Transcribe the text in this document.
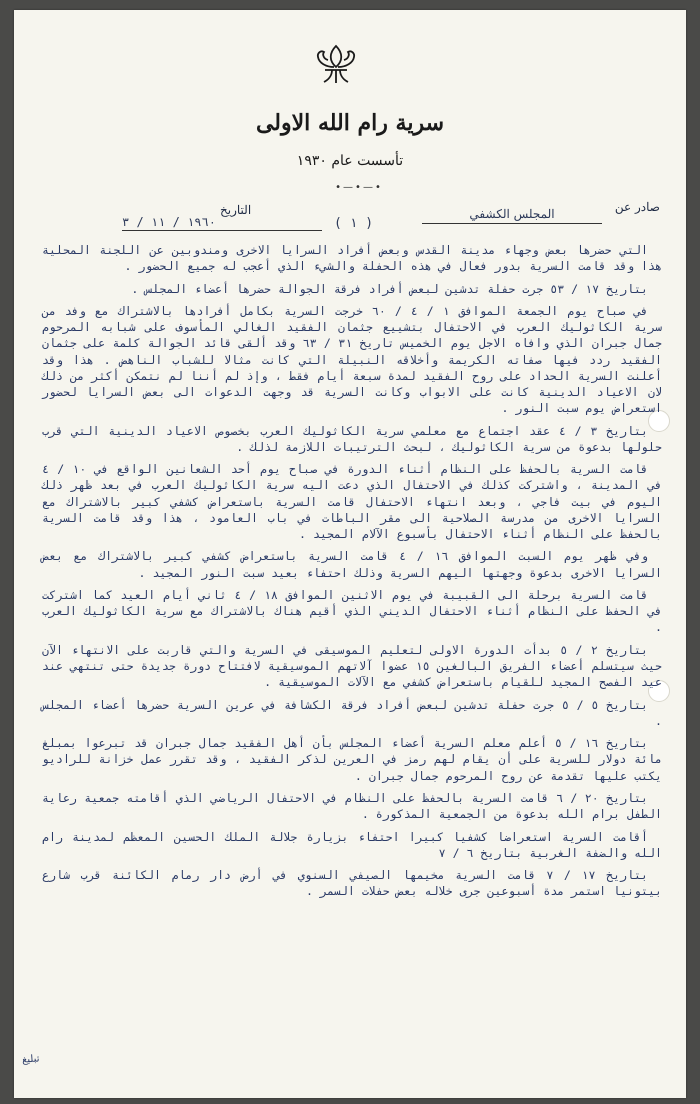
سرية رام الله الاولى
تأسست عام ١٩٣٠
•—•—•
صادر عن
المجلس الكشفي
( ١ )
التاريخ
١٩٦٠ / ١١ / ٣

التي حضرها بعض وجهاء مدينة القدس وبعض أفراد السرايا الاخرى ومندوبين عن اللجنة المحلية هذا وقد قامت السرية بدور فعال في هذه الحفلة والشيء الذي أعجب له جميع الحضور .

بتاريخ ١٧ / ٥٣ جرت حفلة تدشين لبعض أفراد فرقة الجوالة حضرها أعضاء المجلس .

في صباح يوم الجمعة الموافق ١ / ٤ / ٦٠ خرجت السرية بكامل أفرادها بالاشتراك مع وفد من سرية الكاثوليك العرب في الاحتفال بتشييع جثمان الفقيد الغالي المأسوف على شبابه المرحوم جمال جبران الذي وافاه الاجل يوم الخميس تاريخ ٣١ / ٦٣ وقد ألقى قائد الجوالة كلمة على جثمان الفقيد ردد فيها صفاته الكريمة وأخلاقه النبيلة التي كانت مثالا للشباب الناهض . هذا وقد أعلنت السرية الحداد على روح الفقيد لمدة سبعة أيام فقط ، وإذ لم أننا لم نتمكن أكثر من ذلك لان الاعياد الدينية كانت على الابواب وكانت السرية قد وجهت الدعوات الى بعض السرايا لحضور استعراض يوم سبت النور .

بتاريخ ٣ / ٤ عقد اجتماع مع معلمي سرية الكاثوليك العرب بخصوص الاعياد الدينية التي قرب حلولها بدعوة من سرية الكاثوليك ، لبحث الترتيبات اللازمة لذلك .

قامت السرية بالحفظ على النظام أثناء الدورة في صباح يوم أحد الشعانين الواقع في ١٠ / ٤ في المدينة ، واشتركت كذلك في الاحتفال الذي دعت اليه سرية الكاثوليك العرب في بعد ظهر ذلك اليوم في بيت فاجي ، وبعد انتهاء الاحتفال قامت السرية باستعراض كشفي كبير بالاشتراك مع السرايا الاخرى من مدرسة الصلاحية الى مقر الباطات في باب العامود ، هذا وقد قامت السرية بالحفظ على النظام أثناء الاحتفال بأسبوع الآلام المجيد .

وفي ظهر يوم السبت الموافق ١٦ / ٤ قامت السرية باستعراض كشفي كبير بالاشتراك مع بعض السرايا الاخرى بدعوة وجهتها اليهم السرية وذلك احتفاء بعيد سبت النور المجيد .

قامت السرية برحلة الى القبيبة في يوم الاثنين الموافق ١٨ / ٤ ثاني أيام العيد كما اشتركت في الحفظ على النظام أثناء الاحتفال الديني الذي أقيم هناك بالاشتراك مع سرية الكاثوليك العرب .

بتاريخ ٢ / ٥ بدأت الدورة الاولى لتعليم الموسيقى في السرية والتي قاربت على الانتهاء الآن حيث سيتسلم أعضاء الفريق البالغين ١٥ عضوا آلاتهم الموسيقية لافتتاح دورة جديدة حتى تنتهي عند عيد الفصح المجيد للقيام باستعراض كشفي مع الآلات الموسيقية .

بتاريخ ٥ / ٥ جرت حفلة تدشين لبعض أفراد فرقة الكشافة في عرين السرية حضرها أعضاء المجلس .

بتاريخ ١٦ / ٥ أعلم معلم السرية أعضاء المجلس بأن أهل الفقيد جمال جبران قد تبرعوا بمبلغ مائة دولار للسرية على أن يقام لهم رمز في العرين لذكر الفقيد ، وقد تقرر عمل خزانة للراديو يكتب عليها تقدمة عن روح المرحوم جمال جبران .

بتاريخ ٢٠ / ٦ قامت السرية بالحفظ على النظام في الاحتفال الرياضي الذي أقامته جمعية رعاية الطفل برام الله بدعوة من الجمعية المذكورة .

أقامت السرية استعراضا كشفيا كبيرا احتفاء بزيارة جلالة الملك الحسين المعظم لمدينة رام الله والضفة الغربية بتاريخ ٦ / ٧

بتاريخ ١٧ / ٧ قامت السرية مخيمها الصيفي السنوي في أرض دار رمام الكائنة قرب شارع بيتونيا استمر مدة أسبوعين جرى خلاله بعض حفلات السمر .

تبليغ
